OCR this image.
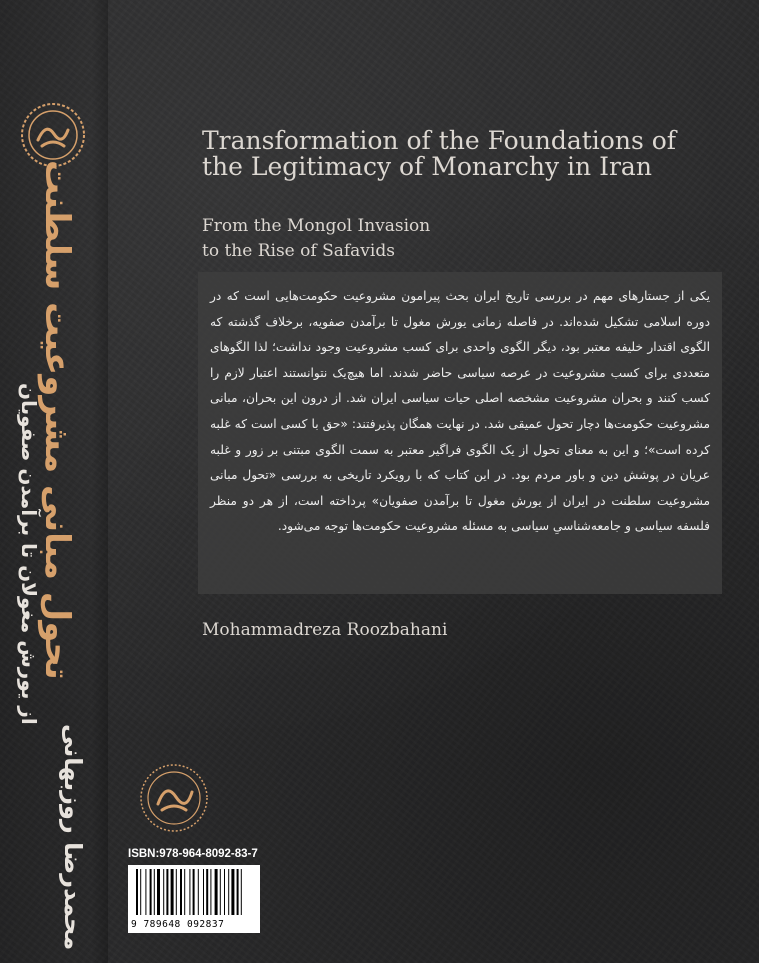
تحول مبانی مشروعیت سلطنت
از یورش مغولان تا برآمدن صفویان
محمدرضا روزبهانی
Transformation of the Foundations of the Legitimacy of Monarchy in Iran
From the Mongol Invasion
to the Rise of Safavids
یکی از جستارهای مهم در بررسی تاریخ ایران بحث پیرامون مشروعیت حکومت‌هایی است که در دوره اسلامی تشکیل شده‌اند. در فاصله زمانی یورش مغول تا برآمدن صفویه، برخلاف گذشته که الگوی اقتدار خلیفه معتبر بود، دیگر الگوی واحدی برای کسب مشروعیت وجود نداشت؛ لذا الگوهای متعددی برای کسب مشروعیت در عرصه سیاسی حاضر شدند. اما هیچ‌یک نتوانستند اعتبار لازم را کسب کنند و بحران مشروعیت مشخصه اصلی حیات سیاسی ایران شد. از درون این بحران، مبانی مشروعیت حکومت‌ها دچار تحول عمیقی شد. در نهایت همگان پذیرفتند: «حق با کسی است که غلبه کرده است»؛ و این به معنای تحول از یک الگوی فراگیر معتبر به سمت الگوی مبتنی بر زور و غلبه عریان در پوشش دین و باور مردم بود. در این کتاب که با رویکرد تاریخی به بررسی «تحول مبانی مشروعیت سلطنت در ایران از یورش مغول تا برآمدن صفویان» پرداخته است، از هر دو منظر فلسفه سیاسی و جامعه‌شناسیِ سیاسی به مسئله مشروعیت حکومت‌ها توجه می‌شود.
Mohammadreza Roozbahani
ISBN:978-964-8092-83-7
9 789648 092837
